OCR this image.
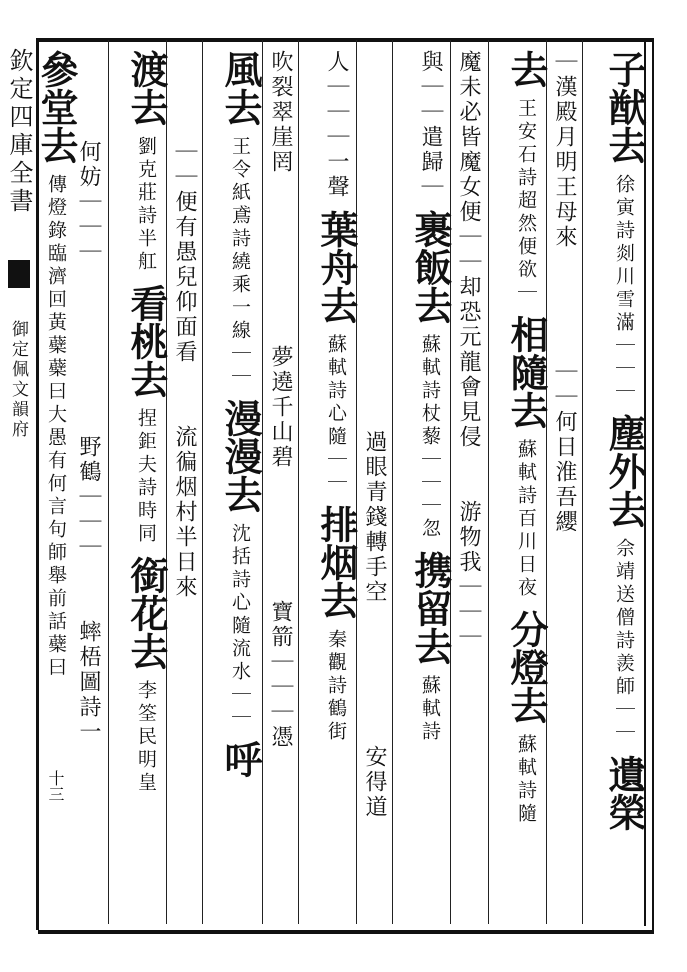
欽定四庫全書
御定佩文韻府
十三
子猷去 徐寅詩剡川雪滿｜｜｜ 塵外去 佘靖送僧詩羨師｜｜ 遺榮
｜漢殿月明王母來  ｜｜何日淮吾纓
去 王安石詩超然便欲｜ 相隨去 蘇軾詩百川日夜 分燈去 蘇軾詩隨
魔未必皆魔女便｜｜却恐元龍會見侵  游物我｜｜｜
與｜｜遣歸｜ 裹飯去 蘇軾詩杖藜｜｜｜忽 携留去 蘇軾詩
過眼青錢轉手空  安得道
人｜｜｜一聲 葉舟去 蘇軾詩心隨｜｜ 排烟去 秦觀詩鶴街
吹裂翠崖罔  夢遶千山碧  寶箭｜｜｜憑
風去 王令紙鳶詩繞乘一線｜｜ 漫漫去 沈括詩心隨流水｜｜ 呼
｜｜便有愚兒仰面看  流徧烟村半日來
渡去 劉克莊詩半舡 看桃去 捏鉅夫詩時同 銜花去 李筌民明皇
何妨｜｜｜  野鶴｜｜｜  蟀梧圖詩一
參堂去 傳燈錄臨濟回黃蘗蘗曰大愚有何言句師舉前話蘗曰
